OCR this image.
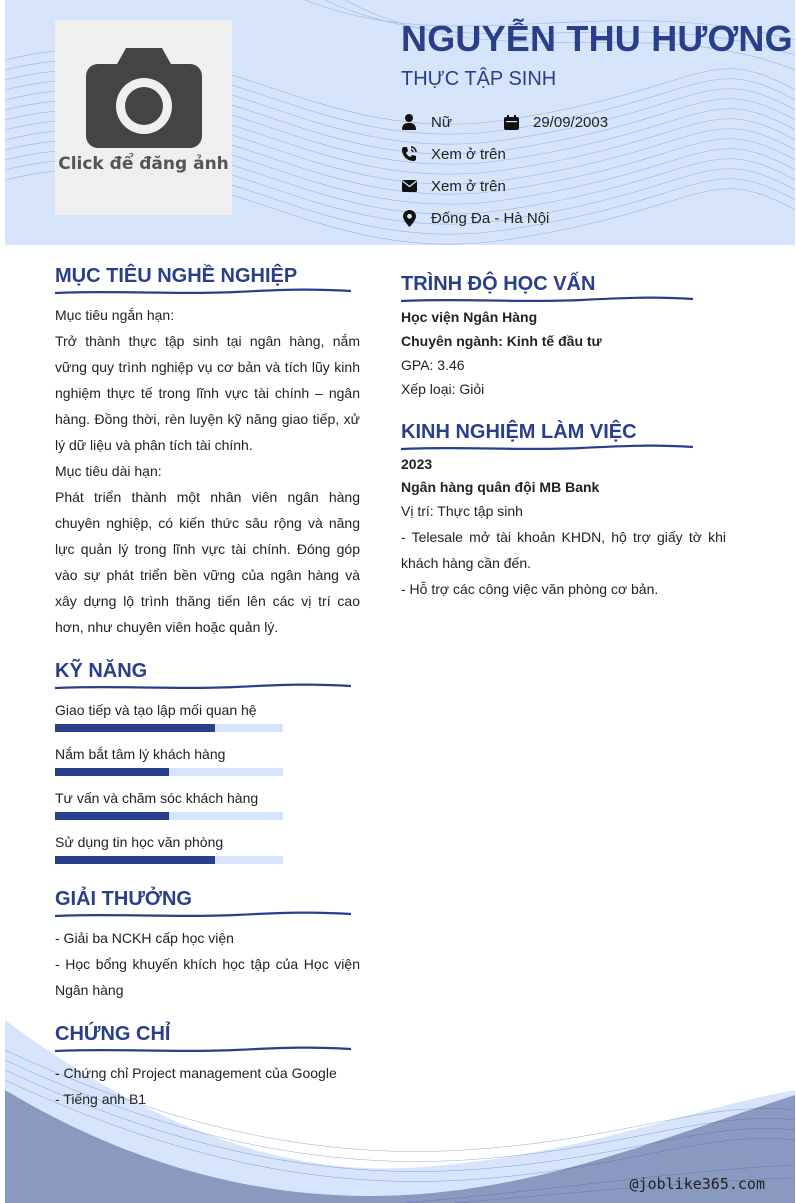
Click để đăng ảnh
NGUYỄN THU HƯƠNG
THỰC TẬP SINH
Nữ	29/09/2003
Xem ở trên
Xem ở trên
Đống Đa - Hà Nội
MỤC TIÊU NGHỀ NGHIỆP

Mục tiêu ngắn hạn:

Trở thành thực tập sinh tại ngân hàng, nắm vững quy trình nghiệp vụ cơ bản và tích lũy kinh nghiệm thực tế trong lĩnh vực tài chính – ngân hàng. Đồng thời, rèn luyện kỹ năng giao tiếp, xử lý dữ liệu và phân tích tài chính.

Mục tiêu dài hạn:

Phát triển thành một nhân viên ngân hàng chuyên nghiệp, có kiến thức sâu rộng và năng lực quản lý trong lĩnh vực tài chính. Đóng góp vào sự phát triển bền vững của ngân hàng và xây dựng lộ trình thăng tiến lên các vị trí cao hơn, như chuyên viên hoặc quản lý.

KỸ NĂNG
Giao tiếp và tạo lập mối quan hệ
Nắm bắt tâm lý khách hàng
Tư vấn và chăm sóc khách hàng
Sử dụng tin học văn phòng
GIẢI THƯỞNG

- Giải ba NCKH cấp học viện

- Học bổng khuyến khích học tập của Học viện Ngân hàng

CHỨNG CHỈ

- Chứng chỉ Project management của Google

- Tiếng anh B1

TRÌNH ĐỘ HỌC VẤN

Học viện Ngân Hàng

Chuyên ngành: Kinh tế đầu tư

GPA: 3.46

Xếp loại: Giỏi

KINH NGHIỆM LÀM VIỆC

2023

Ngân hàng quân đội MB Bank

Vị trí: Thực tập sinh

- Telesale mở tài khoản KHDN, hộ trợ giấy tờ khi khách hàng cần đến.

- Hỗ trợ các công việc văn phòng cơ bản.

@joblike365.com
